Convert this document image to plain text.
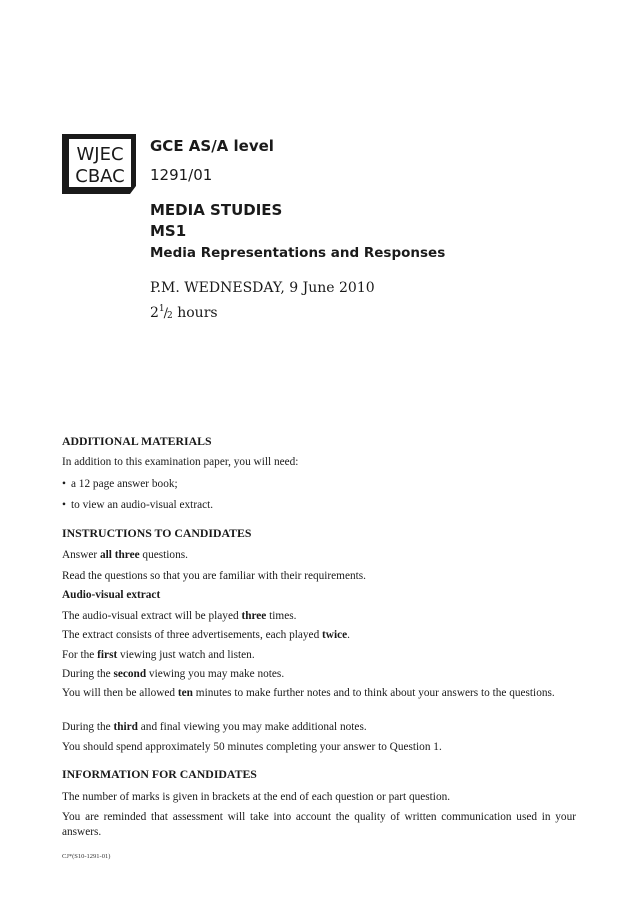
WJEC
CBAC
GCE AS/A level
1291/01
MEDIA STUDIES
MS1
Media Representations and Responses
P.M. WEDNESDAY, 9 June 2010
21/2 hours
ADDITIONAL MATERIALS
In addition to this examination paper, you will need:
• a 12 page answer book;
• to view an audio-visual extract.
INSTRUCTIONS TO CANDIDATES
Answer all three questions.
Read the questions so that you are familiar with their requirements.
Audio-visual extract
The audio-visual extract will be played three times.
The extract consists of three advertisements, each played twice.
For the first viewing just watch and listen.
During the second viewing you may make notes.
You will then be allowed ten minutes to make further notes and to think about your answers to the questions.
During the third and final viewing you may make additional notes.
You should spend approximately 50 minutes completing your answer to Question 1.
INFORMATION FOR CANDIDATES
The number of marks is given in brackets at the end of each question or part question.
You are reminded that assessment will take into account the quality of written communication used in your answers.
CJ*(S10-1291-01)
